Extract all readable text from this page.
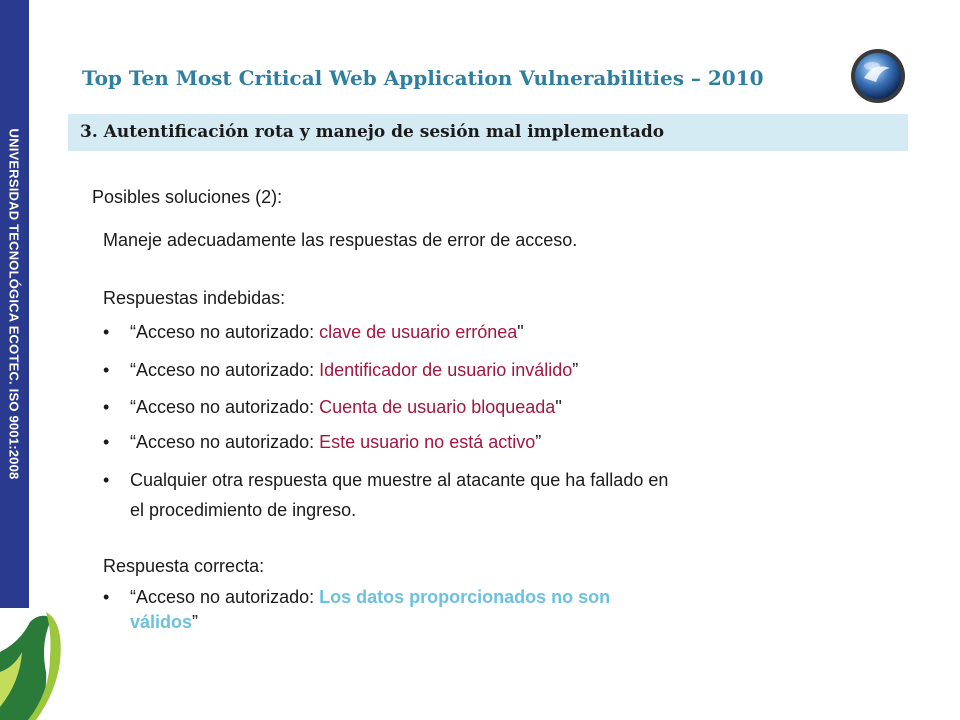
UNIVERSIDAD TECNOLÓGICA ECOTEC. ISO 9001:2008
Top Ten Most Critical Web Application Vulnerabilities – 2010
3. Autentificación rota y manejo de sesión mal implementado
Posibles soluciones (2):
Maneje adecuadamente las respuestas de error de acceso.
Respuestas indebidas:
• “Acceso no autorizado: clave de usuario errónea"
• “Acceso no autorizado: Identificador de usuario inválido”
• “Acceso no autorizado: Cuenta de usuario bloqueada"
• “Acceso no autorizado: Este usuario no está activo”
• Cualquier otra respuesta que muestre al atacante que ha fallado en
el procedimiento de ingreso.
Respuesta correcta:
• “Acceso no autorizado: Los datos proporcionados no son
válidos”
